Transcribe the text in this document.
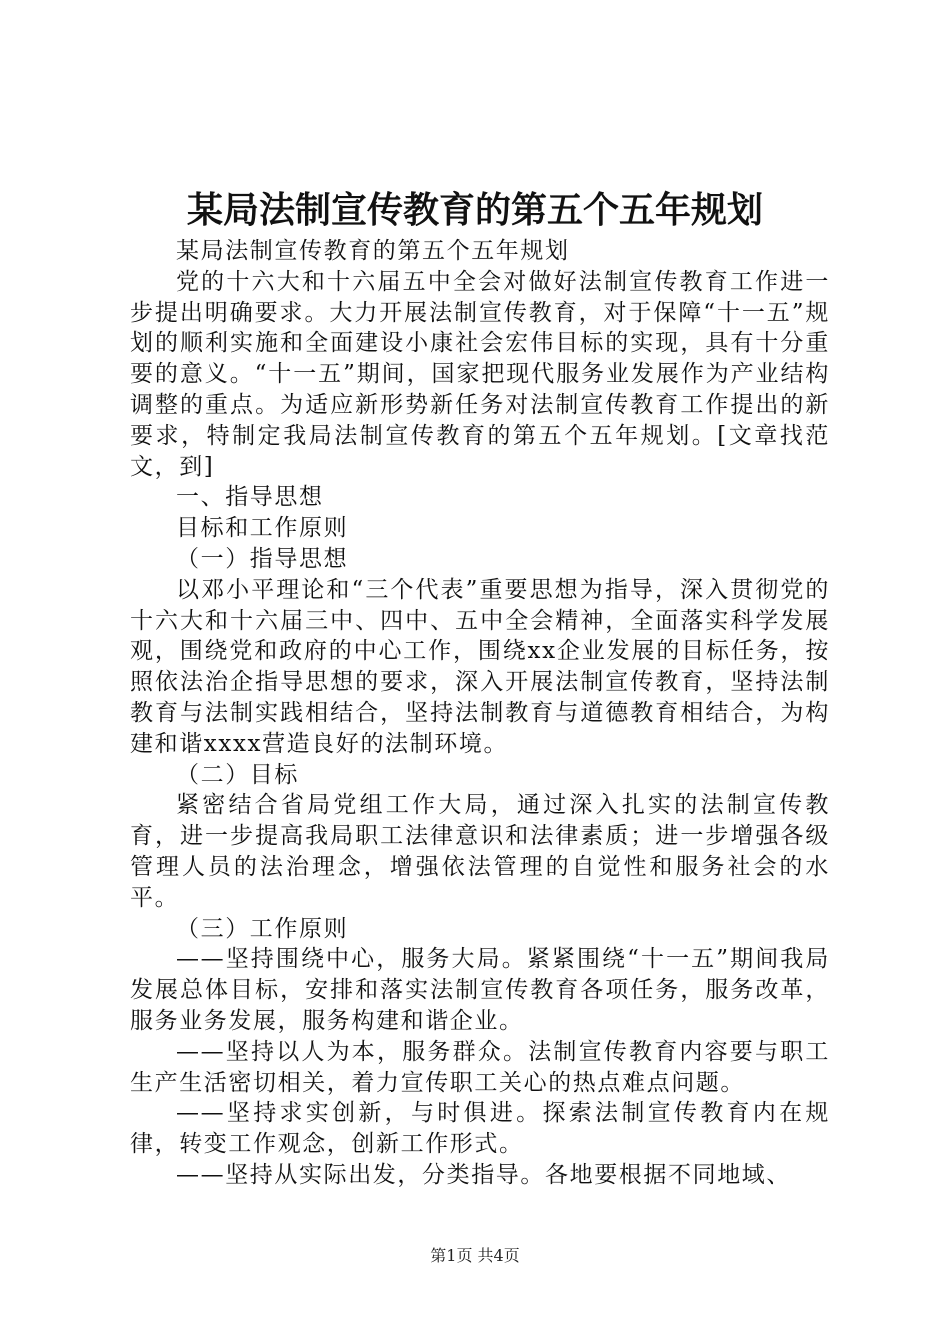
某局法制宣传教育的第五个五年规划

某局法制宣传教育的第五个五年规划

党的十六大和十六届五中全会对做好法制宣传教育工作进一步提出明确要求。大力开展法制宣传教育，对于保障“十一五”规划的顺利实施和全面建设小康社会宏伟目标的实现，具有十分重要的意义。“十一五”期间，国家把现代服务业发展作为产业结构调整的重点。为适应新形势新任务对法制宣传教育工作提出的新要求，特制定我局法制宣传教育的第五个五年规划。[文章找范文，到]

一、指导思想

目标和工作原则

（一）指导思想

以邓小平理论和“三个代表”重要思想为指导，深入贯彻党的十六大和十六届三中、四中、五中全会精神，全面落实科学发展观，围绕党和政府的中心工作，围绕xx企业发展的目标任务，按照依法治企指导思想的要求，深入开展法制宣传教育，坚持法制教育与法制实践相结合，坚持法制教育与道德教育相结合，为构建和谐xxxx营造良好的法制环境。

（二）目标

紧密结合省局党组工作大局，通过深入扎实的法制宣传教育，进一步提高我局职工法律意识和法律素质；进一步增强各级管理人员的法治理念，增强依法管理的自觉性和服务社会的水平。

（三）工作原则

——坚持围绕中心，服务大局。紧紧围绕“十一五”期间我局发展总体目标，安排和落实法制宣传教育各项任务，服务改革，服务业务发展，服务构建和谐企业。

——坚持以人为本，服务群众。法制宣传教育内容要与职工生产生活密切相关，着力宣传职工关心的热点难点问题。

——坚持求实创新，与时俱进。探索法制宣传教育内在规律，转变工作观念，创新工作形式。

——坚持从实际出发，分类指导。各地要根据不同地域、

第1页 共4页
